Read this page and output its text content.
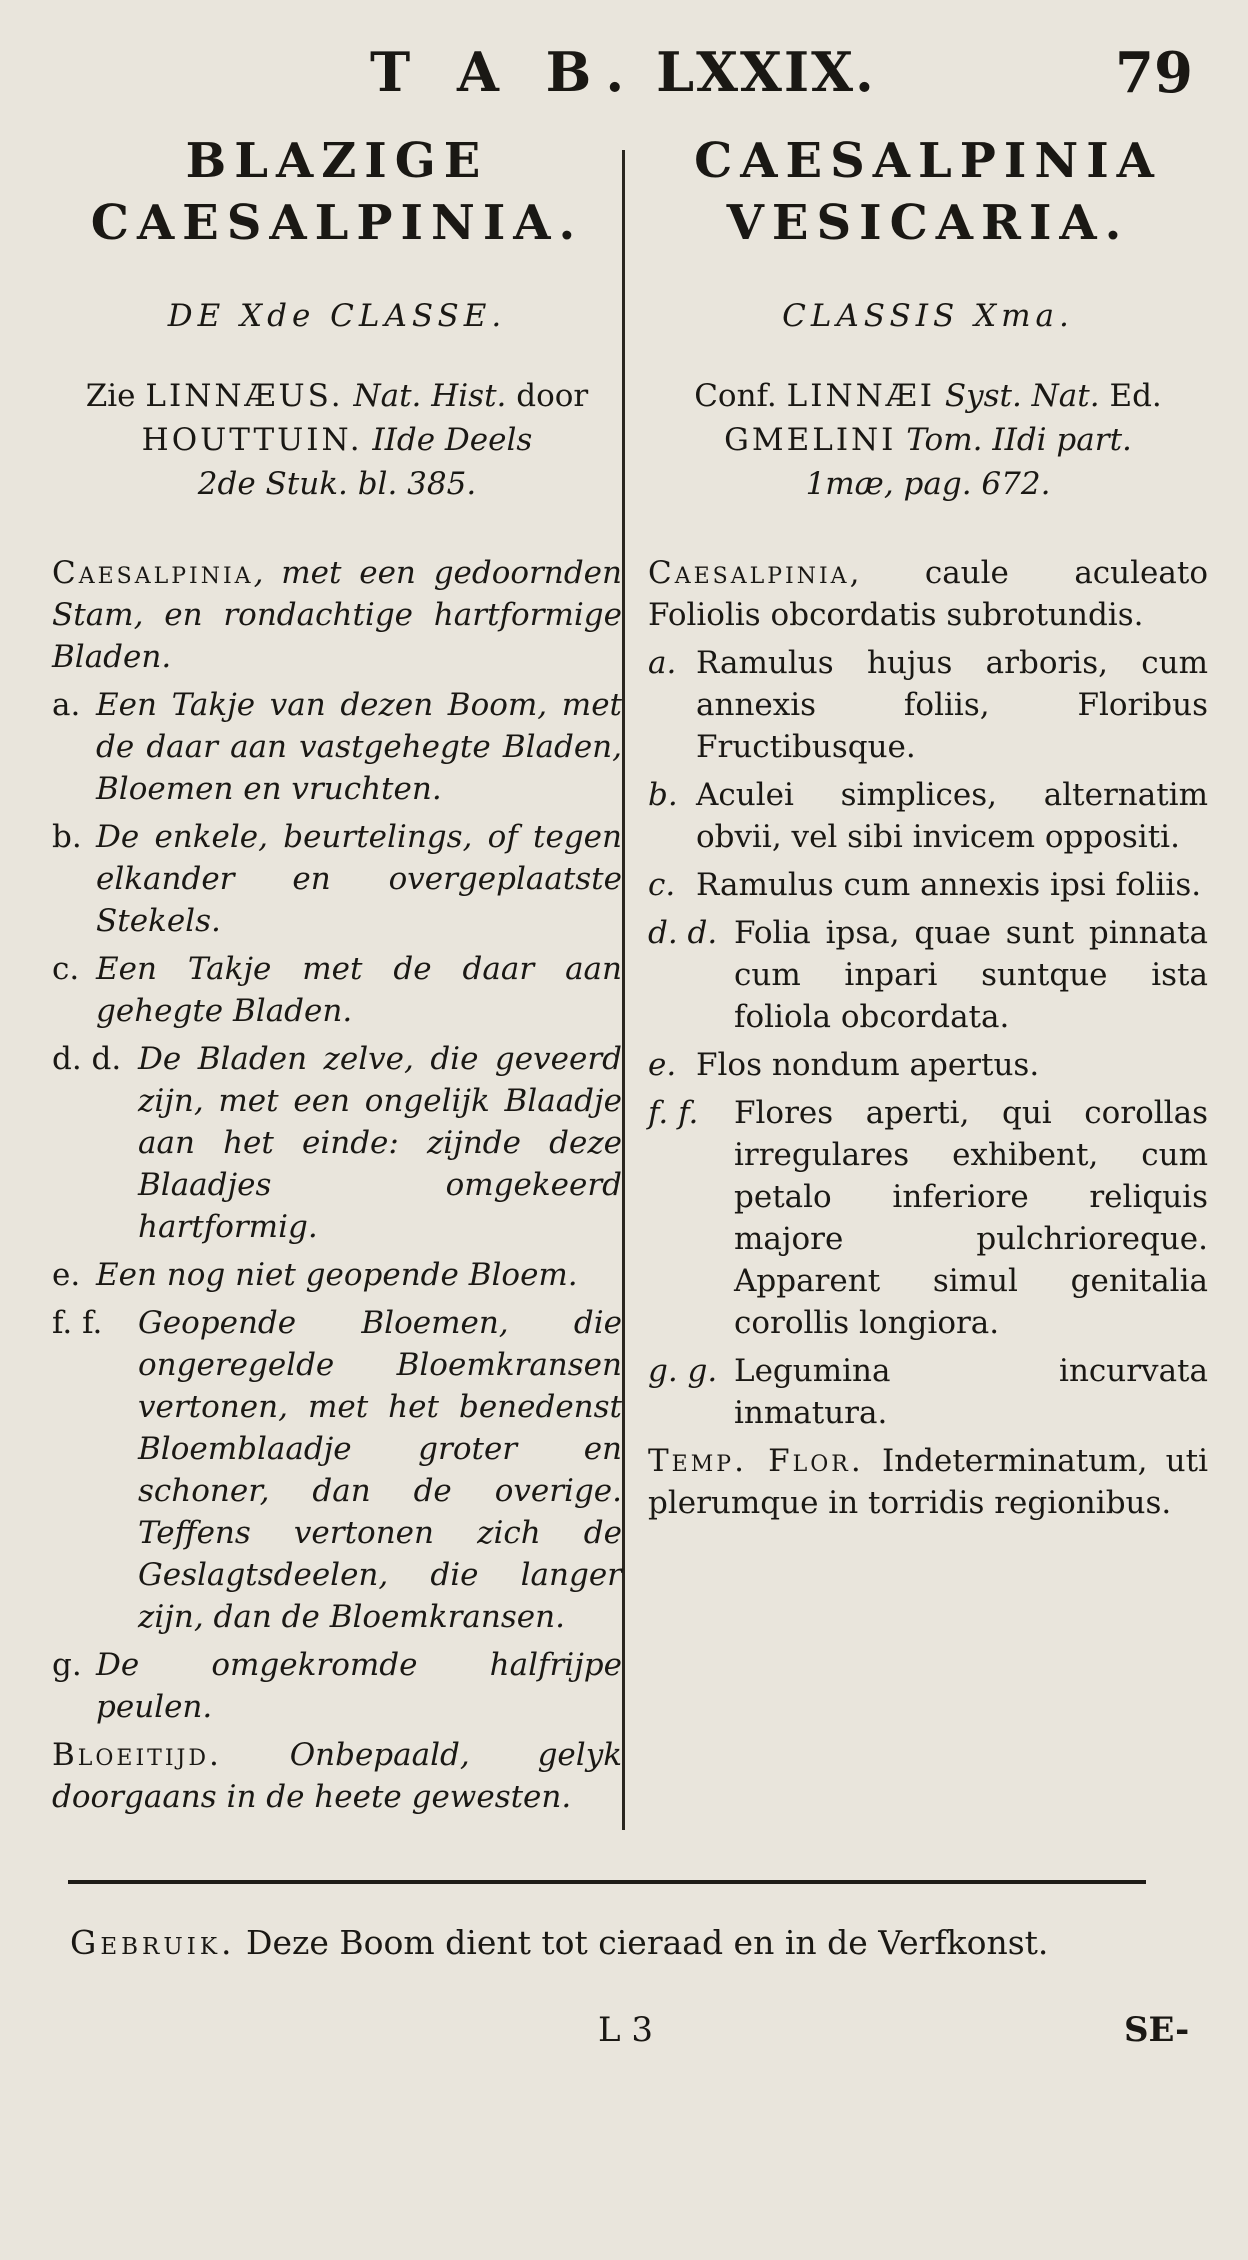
T A B. LXXIX.	79
BLAZIGE
CAESALPINIA.
DE Xde CLASSE.
Zie LINNÆUS. Nat. Hist. door
HOUTTUIN. IIde Deels
2de Stuk. bl. 385.
Caesalpinia, met een gedoornden Stam, en rondachtige hartformige Bladen.
a. Een Takje van dezen Boom, met de daar aan vastgehegte Bladen, Bloemen en vruchten.
b. De enkele, beurtelings, of tegen elkander en overgeplaatste Stekels.
c. Een Takje met de daar aan gehegte Bladen.
d. d. De Bladen zelve, die geveerd zijn, met een ongelijk Blaadje aan het einde: zijnde deze Blaadjes omgekeerd hartformig.
e. Een nog niet geopende Bloem.
f. f.	Geopende Bloemen, die ongeregelde Bloemkransen vertonen, met het benedenst Bloemblaadje groter en schoner, dan de overige. Teffens vertonen zich de Geslagtsdeelen, die langer zijn, dan de Bloemkransen.
g. De omgekromde halfrijpe peulen.
Bloeitijd. Onbepaald, gelyk doorgaans in de heete gewesten.
CAESALPINIA
VESICARIA.
CLASSIS Xma.
Conf. LINNÆI Syst. Nat. Ed.
GMELINI Tom. IIdi part.
1mæ, pag. 672.
Caesalpinia, caule aculeato Foliolis obcordatis subrotundis.
a. Ramulus hujus arboris, cum annexis foliis, Floribus Fructibusque.
b. Aculei simplices, alternatim obvii, vel sibi invicem oppositi.
c. Ramulus cum annexis ipsi foliis.
d. d. Folia ipsa, quae sunt pinnata cum inpari suntque ista foliola obcordata.
e. Flos nondum apertus.
f. f.	Flores aperti, qui corollas irregulares exhibent, cum petalo inferiore reliquis majore pulchrioreque. Apparent simul genitalia corollis longiora.
g. g. Legumina incurvata inmatura.
Temp. Flor. Indeterminatum, uti plerumque in torridis regionibus.
Gebruik. Deze Boom dient tot cieraad en in de Verfkonst.
L 3	SE-
